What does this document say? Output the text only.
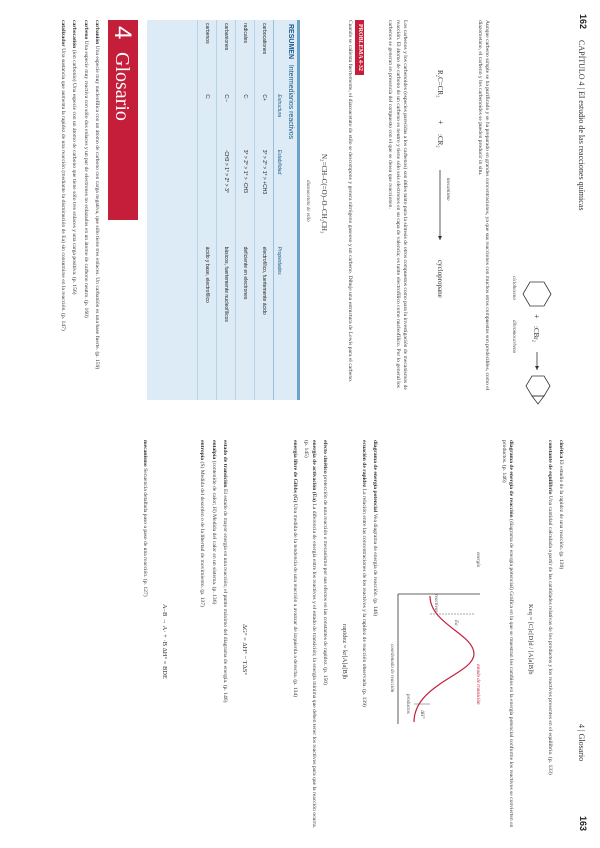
162
CAPÍTULO 4 | El estudio de las reacciones químicas
+
:CBr₂
ciclohexeno
dibromocarbeno
Aunque carbeno simple se ha purificado y se ha preparado en grandes concentraciones, ya que sus reacciones con muchos otros compuestos son predecibles, como el diazometano, el carbeno y los carbenoides se pueden producir in situ.
R₂C=CR₂
+
:CR₂
cyclopropane
mecanismo
Los carbenos y los carbenoides (especies parecidas a los carbenos) son útiles tanto para la síntesis de otros compuestos como para la investigación de mecanismos de reacción. El átomo de carbono de un carbeno es neutro y tiene sólo seis electrones en su capa de valencia; es tanto electrofílico como nucleofílico. Por lo general los carbenos se generan en presencia del compuesto con el que se desea que reaccionen.
PROBLEMA 4-32
Cuando se calienta fuertemente, el diazoacetato de etilo se descompone y genera nitrógeno gaseoso y un carbeno. Dibuje una estructura de Lewis para el carbeno.
N₂=CH–C(=O)–O–CH₂CH₃
diazoacetato de etilo
RESUMEN   Intermediarios reactivos
	Estructura	Estabilidad	Propiedades
carbocationes	C+	3° > 2° > 1° > +CH3	electrofílico, fuertemente ácido
radicales	C·	3° > 2° > 1° > ·CH3	deficiente en electrones
carbaniones	C:−	·CH3 > 1° > 2° > 3°	básicos, fuertemente nucleofílicos
carbenos	C:		ácido y base, electrofílico
4
Glosario

carbanión Una especie muy nucleofílica con un átomo de carbono con carga negativa, que sólo tiene tres enlaces. Un carbanión es una base fuerte. (p. 159)

carbeno Una especie muy reactiva con sólo dos enlaces y un par de electrones no enlazados en un átomo de carbono neutro. (p. 160)

carbocatión (ion carbonio) Una especie con un átomo de carbono que tiene sólo tres enlaces y una carga positiva. (p. 156)

catalizador Una sustancia que aumenta la rapidez de una reacción (mediante la disminución de Ea) sin consumirse en la reacción. (p. 147)

4 | Glosario
163

cinética El estudio de la rapidez de una reacción. (p. 139)

constante de equilibrio Una cantidad calculada a partir de las cantidades relativas de los productos y los reactivos presentes en el equilibrio. (p. 133)

Keq = [C]c[D]d / [A]a[B]b

diagrama de energía de reacción (diagrama de energía potencial) Gráfica en la que se muestran los cambios en la energía potencial conforme los reactivos se convierten en productos. (p. 146)

energía
coordenada de reacción
reactivos
productos	estado de transición
Ea
ΔH°

diagrama de energía potencial Vea diagrama de energía de reacción. (p. 146)

ecuación de rapidez La relación entre las concentraciones de los reactivos y la rapidez de reacción observada. (p. 139)

rapidez = kr[A]a[B]b

efecto cinético protección de una reacción o mecanismo por sus efectos en las constantes de rapidez. (p. 150)

energía de activación (Ea) La diferencia de energía entre los reactivos y el estado de transición; la energía mínima que deben tener los reactivos para que la reacción ocurra. (p. 145)

energía libre de Gibbs (G) Una medida de la tendencia de una reacción a avanzar de izquierda a derecha. (p. 134)

ΔG° = ΔH° − TΔS°

estado de transición El estado de mayor energía en una reacción; el punto máximo del diagrama de energía. (p. 146)

entalpía (contenido de calor; H) Medida del calor en un sistema. (p. 136)

entropía (S) Medida del desorden o de la libertad de movimiento. (p. 137)

A–B → A· + ·B ΔH° = BDE

mecanismo Secuencia detallada paso a paso de una reacción. (p. 127)
